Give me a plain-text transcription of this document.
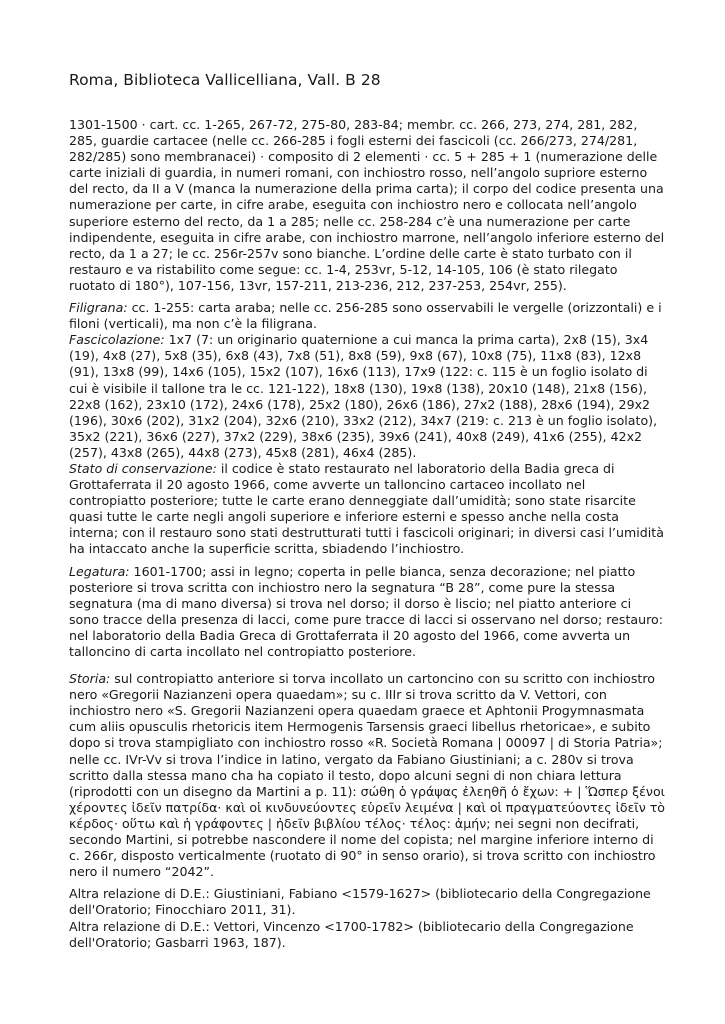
Roma, Biblioteca Vallicelliana, Vall. B 28

1301-1500 · cart. cc. 1-265, 267-72, 275-80, 283-84; membr. cc. 266, 273, 274, 281, 282, 285, guardie cartacee (nelle cc. 266-285 i fogli esterni dei fascicoli (cc. 266/273, 274/281, 282/285) sono membranacei) · composito di 2 elementi · cc. 5 + 285 + 1 (numerazione delle carte iniziali di guardia, in numeri romani, con inchiostro rosso, nell’angolo supriore esterno del recto, da II a V (manca la numerazione della prima carta); il corpo del codice presenta una numerazione per carte, in cifre arabe, eseguita con inchiostro nero e collocata nell’angolo superiore esterno del recto, da 1 a 285; nelle cc. 258-284 c’è una numerazione per carte indipendente, eseguita in cifre arabe, con inchiostro marrone, nell’angolo inferiore esterno del recto, da 1 a 27; le cc. 256r-257v sono bianche. L’ordine delle carte è stato turbato con il restauro e va ristabilito come segue: cc. 1-4, 253vr, 5-12, 14-105, 106 (è stato rilegato ruotato di 180°), 107-156, 13vr, 157-211, 213-236, 212, 237-253, 254vr, 255).

Filigrana: cc. 1-255: carta araba; nelle cc. 256-285 sono osservabili le vergelle (orizzontali) e i filoni (verticali), ma non c’è la filigrana.

Fascicolazione: 1x7 (7: un originario quaternione a cui manca la prima carta), 2x8 (15), 3x4 (19), 4x8 (27), 5x8 (35), 6x8 (43), 7x8 (51), 8x8 (59), 9x8 (67), 10x8 (75), 11x8 (83), 12x8 (91), 13x8 (99), 14x6 (105), 15x2 (107), 16x6 (113), 17x9 (122: c. 115 è un foglio isolato di cui è visibile il tallone tra le cc. 121-122), 18x8 (130), 19x8 (138), 20x10 (148), 21x8 (156), 22x8 (162), 23x10 (172), 24x6 (178), 25x2 (180), 26x6 (186), 27x2 (188), 28x6 (194), 29x2 (196), 30x6 (202), 31x2 (204), 32x6 (210), 33x2 (212), 34x7 (219: c. 213 è un foglio isolato), 35x2 (221), 36x6 (227), 37x2 (229), 38x6 (235), 39x6 (241), 40x8 (249), 41x6 (255), 42x2 (257), 43x8 (265), 44x8 (273), 45x8 (281), 46x4 (285).

Stato di conservazione: il codice è stato restaurato nel laboratorio della Badia greca di Grottaferrata il 20 agosto 1966, come avverte un talloncino cartaceo incollato nel contropiatto posteriore; tutte le carte erano denneggiate dall’umidità; sono state risarcite quasi tutte le carte negli angoli superiore e inferiore esterni e spesso anche nella costa interna; con il restauro sono stati destrutturati tutti i fascicoli originari; in diversi casi l’umidità ha intaccato anche la superficie scritta, sbiadendo l’inchiostro.

Legatura: 1601-1700; assi in legno; coperta in pelle bianca, senza decorazione; nel piatto posteriore si trova scritta con inchiostro nero la segnatura “B 28”, come pure la stessa segnatura (ma di mano diversa) si trova nel dorso; il dorso è liscio; nel piatto anteriore ci sono tracce della presenza di lacci, come pure tracce di lacci si osservano nel dorso; restauro: nel laboratorio della Badia Greca di Grottaferrata il 20 agosto del 1966, come avverta un talloncino di carta incollato nel contropiatto posteriore.

Storia: sul contropiatto anteriore si torva incollato un cartoncino con su scritto con inchiostro nero «Gregorii Nazianzeni opera quaedam»; su c. IIIr si trova scritto da V. Vettori, con inchiostro nero «S. Gregorii Nazianzeni opera quaedam graece et Aphtonii Progymnasmata cum aliis opusculis rhetoricis item Hermogenis Tarsensis graeci libellus rhetoricae», e subito dopo si trova stampigliato con inchiostro rosso «R. Società Romana | 00097 | di Storia Patria»; nelle cc. IVr-Vv si trova l’indice in latino, vergato da Fabiano Giustiniani; a c. 280v si trova scritto dalla stessa mano cha ha copiato il testo, dopo alcuni segni di non chiara lettura (riprodotti con un disegno da Martini a p. 11): σώθη ὁ γράψας ἐλεηθῆ ὁ ἔχων: + | Ὥσπερ ξένοι χέροντες ἰδεῖν πατρίδα· καὶ οἱ κινδυνεύοντες εὑρεῖν λειμένα | καὶ οἱ πραγματεύοντες ἰδεῖν τὸ κέρδος· οὕτω καὶ ἡ γράφοντες | ἠδεῖν βιβλίου τέλος· τέλος: ἀμήν; nei segni non decifrati, secondo Martini, si potrebbe nascondere il nome del copista; nel margine inferiore interno di c. 266r, disposto verticalmente (ruotato di 90° in senso orario), si trova scritto con inchiostro nero il numero “2042”.

Altra relazione di D.E.: Giustiniani, Fabiano <1579-1627> (bibliotecario della Congregazione dell'Oratorio; Finocchiaro 2011, 31).

Altra relazione di D.E.: Vettori, Vincenzo <1700-1782> (bibliotecario della Congregazione dell'Oratorio; Gasbarri 1963, 187).
